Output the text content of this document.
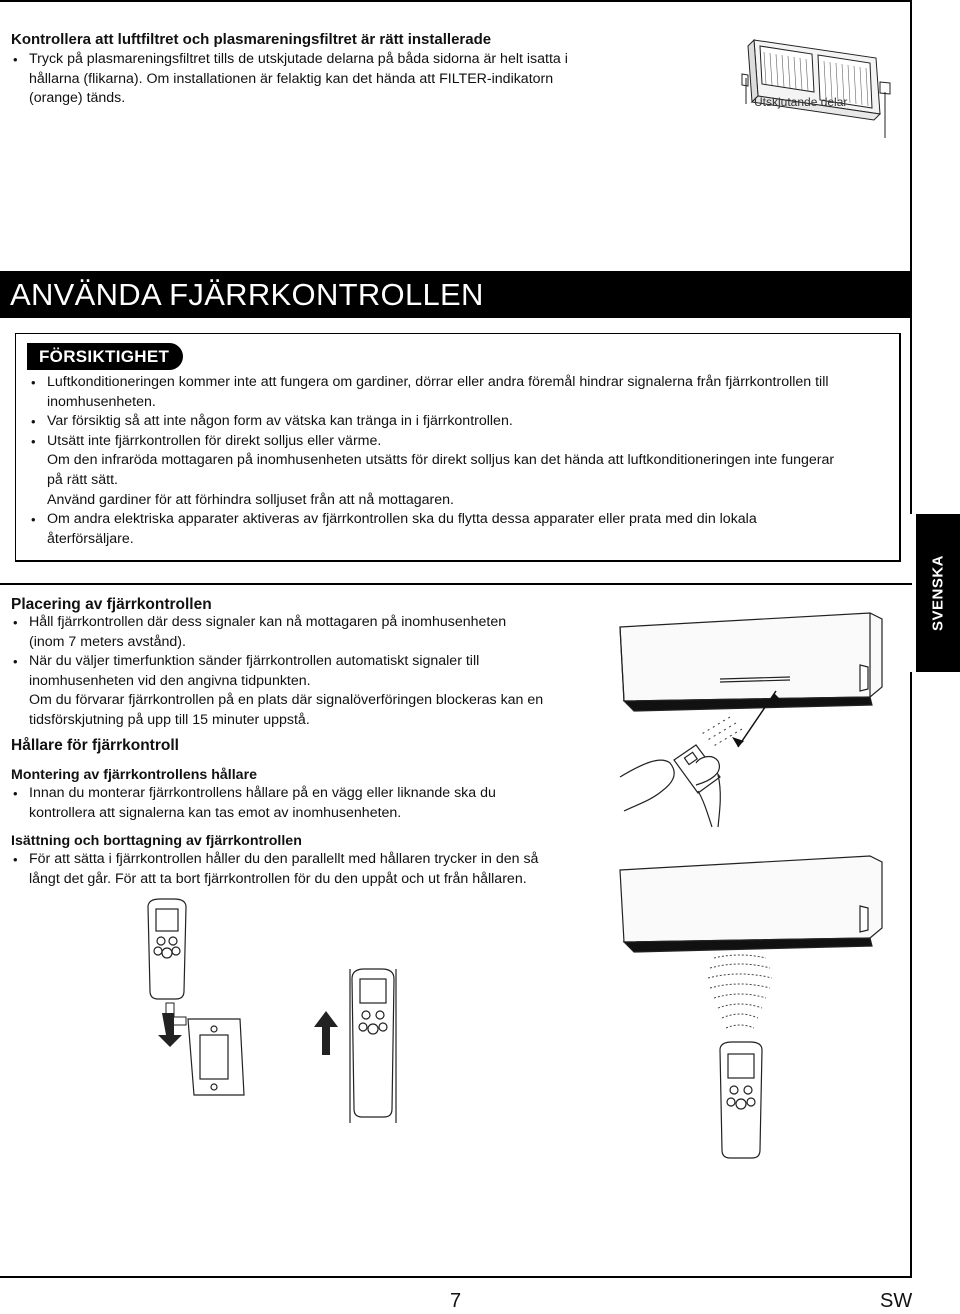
Kontrollera att luftfiltret och plasmareningsfiltret är rätt installerade
• Tryck på plasmareningsfiltret tills de utskjutade delarna på båda sidorna är helt isatta i
hållarna (flikarna). Om installationen är felaktig kan det hända att FILTER-indikatorn
(orange) tänds.	Utskjutande delar
ANVÄNDA FJÄRRKONTROLLEN
FÖRSIKTIGHET
• Luftkonditioneringen kommer inte att fungera om gardiner, dörrar eller andra föremål hindrar signalerna från fjärrkontrollen till
inomhusenheten.
• Var försiktig så att inte någon form av vätska kan tränga in i fjärrkontrollen.
• Utsätt inte fjärrkontrollen för direkt solljus eller värme.
Om den infraröda mottagaren på inomhusenheten utsätts för direkt solljus kan det hända att luftkonditioneringen inte fungerar
på rätt sätt.
Använd gardiner för att förhindra solljuset från att nå mottagaren.
• Om andra elektriska apparater aktiveras av fjärrkontrollen ska du flytta dessa apparater eller prata med din lokala
återförsäljare.
SVENSKA
Placering av fjärrkontrollen
• Håll fjärrkontrollen där dess signaler kan nå mottagaren på inomhusenheten
(inom 7 meters avstånd).
• När du väljer timerfunktion sänder fjärrkontrollen automatiskt signaler till
inomhusenheten vid den angivna tidpunkten.
Om du förvarar fjärrkontrollen på en plats där signalöverföringen blockeras kan en
tidsförskjutning på upp till 15 minuter uppstå.
Hållare för fjärrkontroll
Montering av fjärrkontrollens hållare
• Innan du monterar fjärrkontrollens hållare på en vägg eller liknande ska du
kontrollera att signalerna kan tas emot av inomhusenheten.
Isättning och borttagning av fjärrkontrollen
• För att sätta i fjärrkontrollen håller du den parallellt med hållaren trycker in den så
långt det går. För att ta bort fjärrkontrollen för du den uppåt och ut från hållaren.
7	SW
